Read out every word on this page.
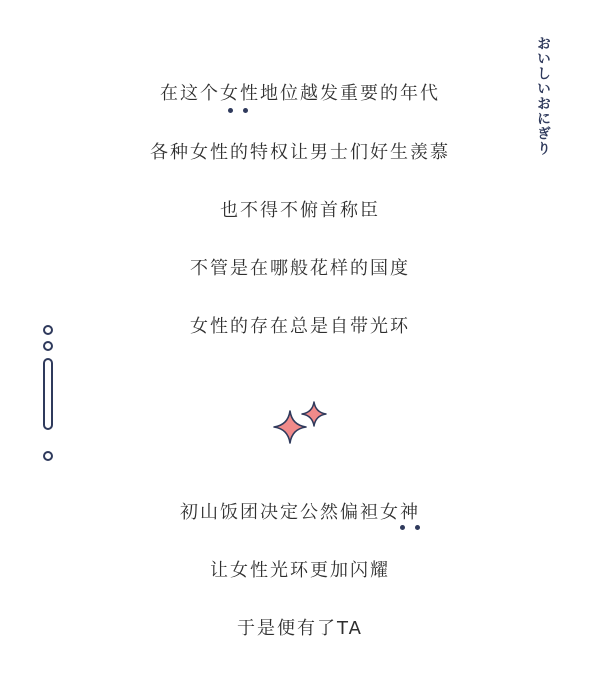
おいしいおにぎり
在这个女性地位越发重要的年代
各种女性的特权让男士们好生羡慕
也不得不俯首称臣
不管是在哪般花样的国度
女性的存在总是自带光环
初山饭团决定公然偏袒女神
让女性光环更加闪耀
于是便有了TA
